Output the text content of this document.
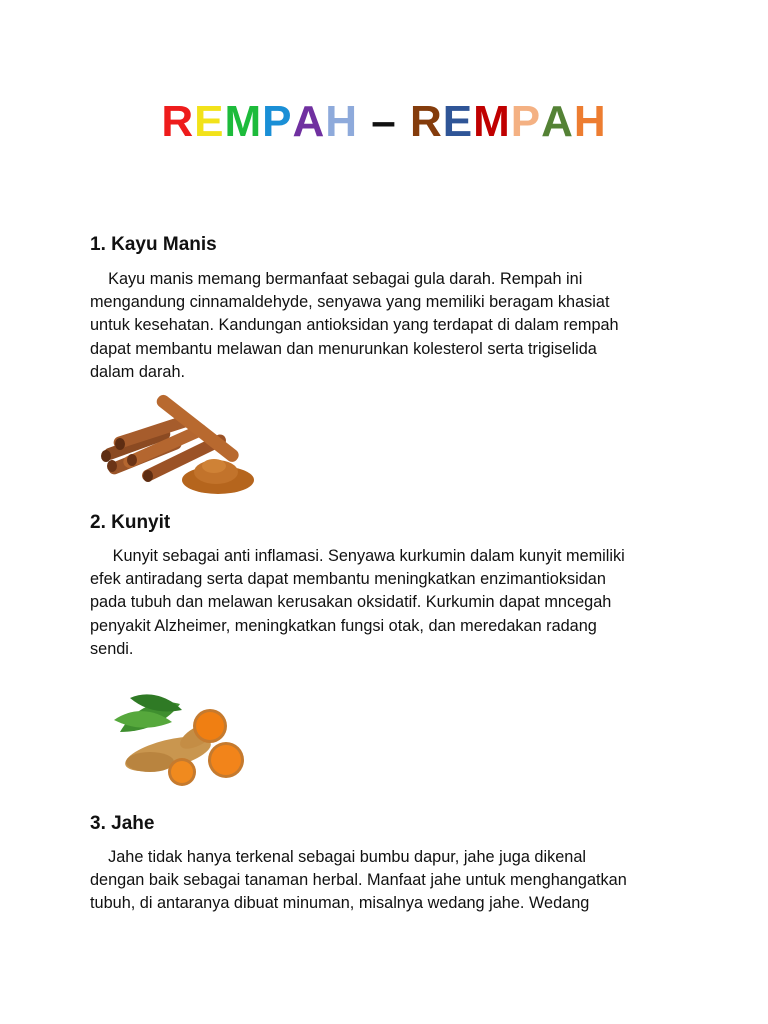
REMPAH – REMPAH
1. Kayu Manis

Kayu manis memang bermanfaat sebagai gula darah. Rempah ini
mengandung cinnamaldehyde, senyawa yang memiliki beragam khasiat
untuk kesehatan. Kandungan antioksidan yang terdapat di dalam rempah
dapat membantu melawan dan menurunkan kolesterol serta trigiselida
dalam darah.

2. Kunyit

Kunyit sebagai anti inflamasi. Senyawa kurkumin dalam kunyit memiliki
efek antiradang serta dapat membantu meningkatkan enzimantioksidan
pada tubuh dan melawan kerusakan oksidatif. Kurkumin dapat mncegah
penyakit Alzheimer, meningkatkan fungsi otak, dan meredakan radang
sendi.

3. Jahe

Jahe tidak hanya terkenal sebagai bumbu dapur, jahe juga dikenal
dengan baik sebagai tanaman herbal. Manfaat jahe untuk menghangatkan
tubuh, di antaranya dibuat minuman, misalnya wedang jahe. Wedang
